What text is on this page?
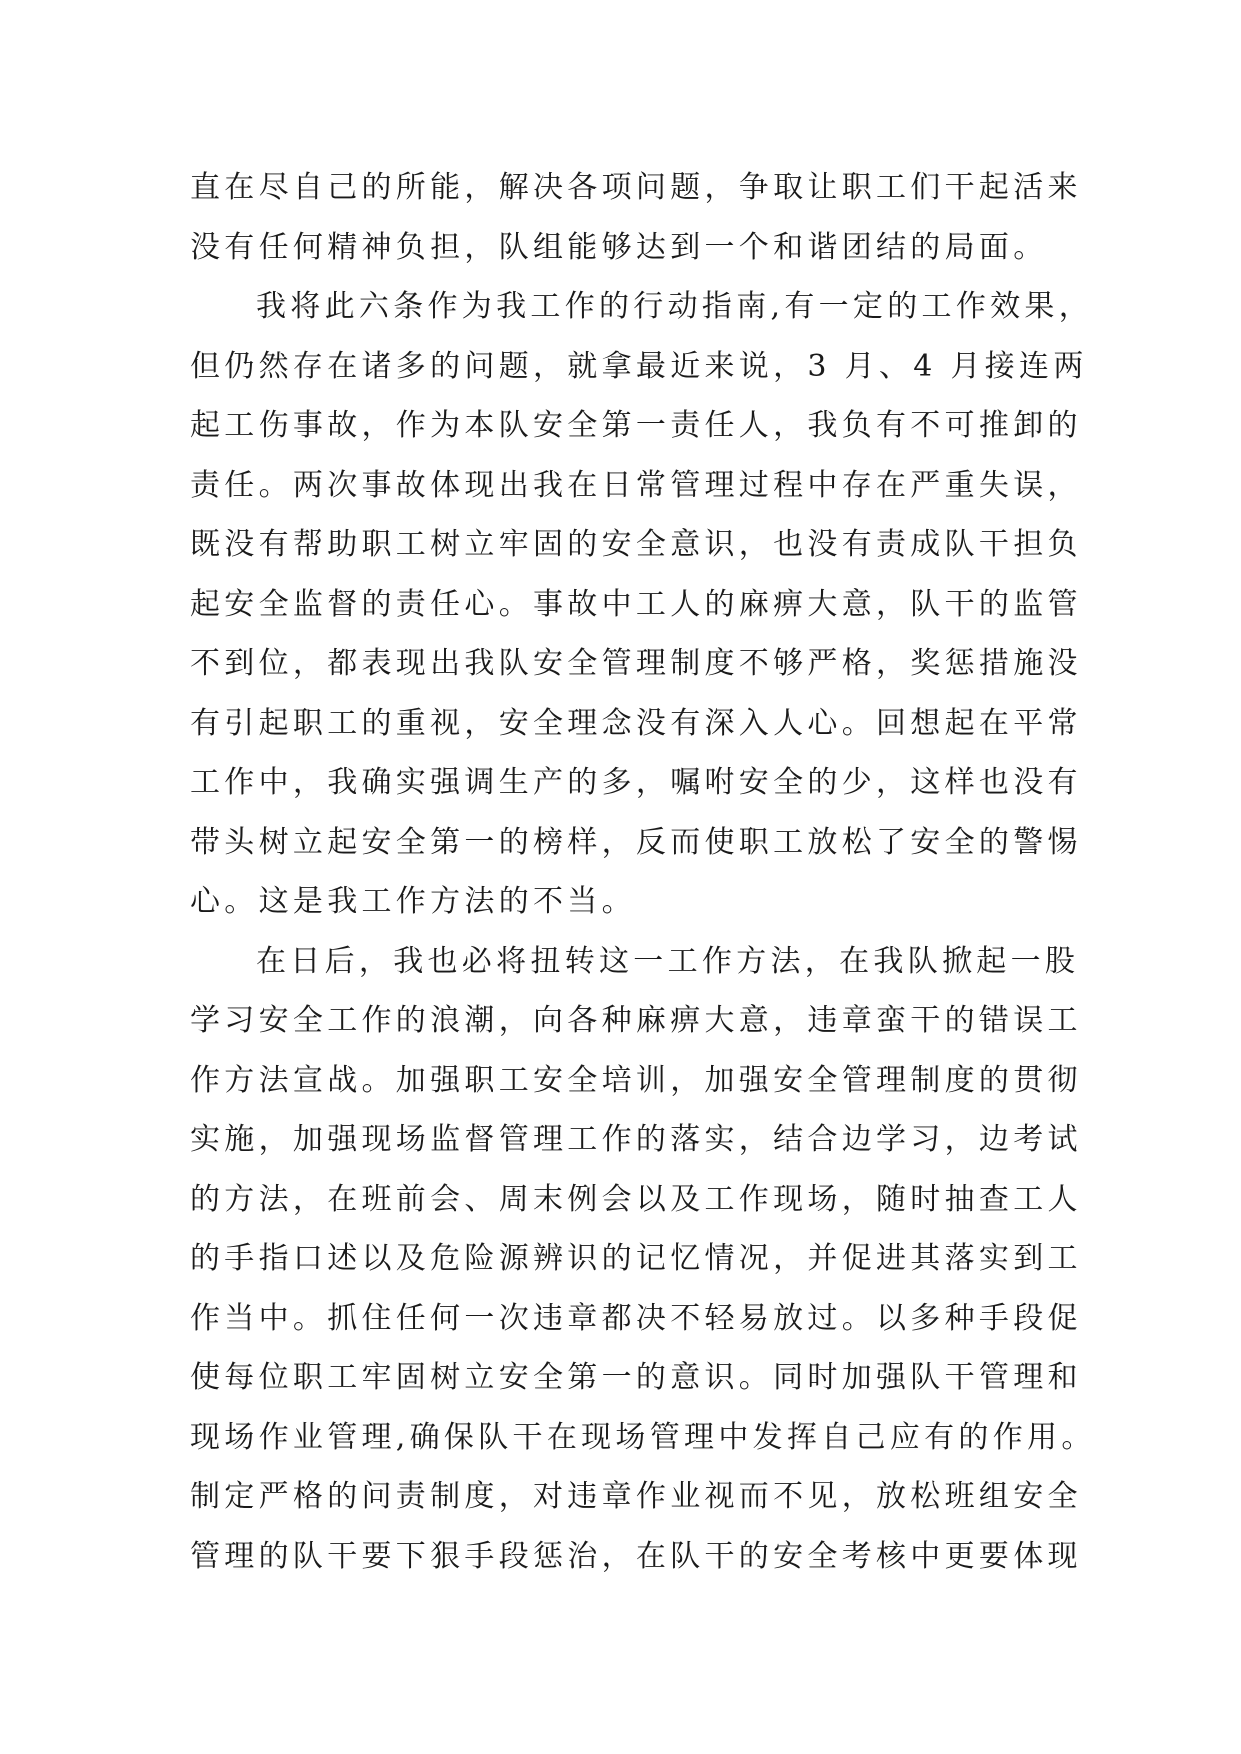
直在尽自己的所能，解决各项问题，争取让职工们干起活来
没有任何精神负担，队组能够达到一个和谐团结的局面。
我将此六条作为我工作的行动指南,有一定的工作效果，
但仍然存在诸多的问题，就拿最近来说，3 月、4 月接连两
起工伤事故，作为本队安全第一责任人，我负有不可推卸的
责任。两次事故体现出我在日常管理过程中存在严重失误，
既没有帮助职工树立牢固的安全意识，也没有责成队干担负
起安全监督的责任心。事故中工人的麻痹大意，队干的监管
不到位，都表现出我队安全管理制度不够严格，奖惩措施没
有引起职工的重视，安全理念没有深入人心。回想起在平常
工作中，我确实强调生产的多，嘱咐安全的少，这样也没有
带头树立起安全第一的榜样，反而使职工放松了安全的警惕
心。这是我工作方法的不当。
在日后，我也必将扭转这一工作方法，在我队掀起一股
学习安全工作的浪潮，向各种麻痹大意，违章蛮干的错误工
作方法宣战。加强职工安全培训，加强安全管理制度的贯彻
实施，加强现场监督管理工作的落实，结合边学习，边考试
的方法，在班前会、周末例会以及工作现场，随时抽查工人
的手指口述以及危险源辨识的记忆情况，并促进其落实到工
作当中。抓住任何一次违章都决不轻易放过。以多种手段促
使每位职工牢固树立安全第一的意识。同时加强队干管理和
现场作业管理,确保队干在现场管理中发挥自己应有的作用。
制定严格的问责制度，对违章作业视而不见，放松班组安全
管理的队干要下狠手段惩治，在队干的安全考核中更要体现
